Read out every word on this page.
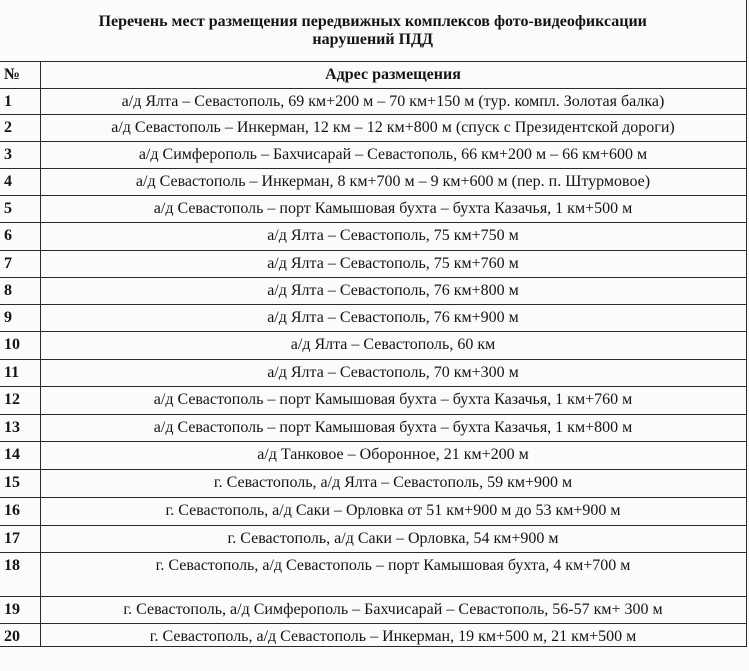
Перечень мест размещения передвижных комплексов фото-видеофиксации
нарушений ПДД	

№	Адрес размещения
1	а/д Ялта – Севастополь, 69 км+200 м – 70 км+150 м (тур. компл. Золотая балка)
2	а/д Севастополь – Инкерман, 12 км – 12 км+800 м (спуск с Президентской дороги)
3	а/д Симферополь – Бахчисарай – Севастополь, 66 км+200 м – 66 км+600 м
4	а/д Севастополь – Инкерман, 8 км+700 м – 9 км+600 м (пер. п. Штурмовое)
5	а/д Севастополь – порт Камышовая бухта – бухта Казачья, 1 км+500 м
6	а/д Ялта – Севастополь, 75 км+750 м
7	а/д Ялта – Севастополь, 75 км+760 м
8	а/д Ялта – Севастополь, 76 км+800 м
9	а/д Ялта – Севастополь, 76 км+900 м
10	а/д Ялта – Севастополь, 60 км
11	а/д Ялта – Севастополь, 70 км+300 м
12	а/д Севастополь – порт Камышовая бухта – бухта Казачья, 1 км+760 м
13	а/д Севастополь – порт Камышовая бухта – бухта Казачья, 1 км+800 м
14	а/д Танковое – Оборонное, 21 км+200 м
15	г. Севастополь, а/д Ялта – Севастополь, 59 км+900 м
16	г. Севастополь, а/д Саки – Орловка от 51 км+900 м до 53 км+900 м
17	г. Севастополь, а/д Саки – Орловка, 54 км+900 м
18	г. Севастополь, а/д Севастополь – порт Камышовая бухта, 4 км+700 м
19	г. Севастополь, а/д Симферополь – Бахчисарай – Севастополь, 56-57 км+ 300 м
20	г. Севастополь, а/д Севастополь – Инкерман, 19 км+500 м, 21 км+500 м
